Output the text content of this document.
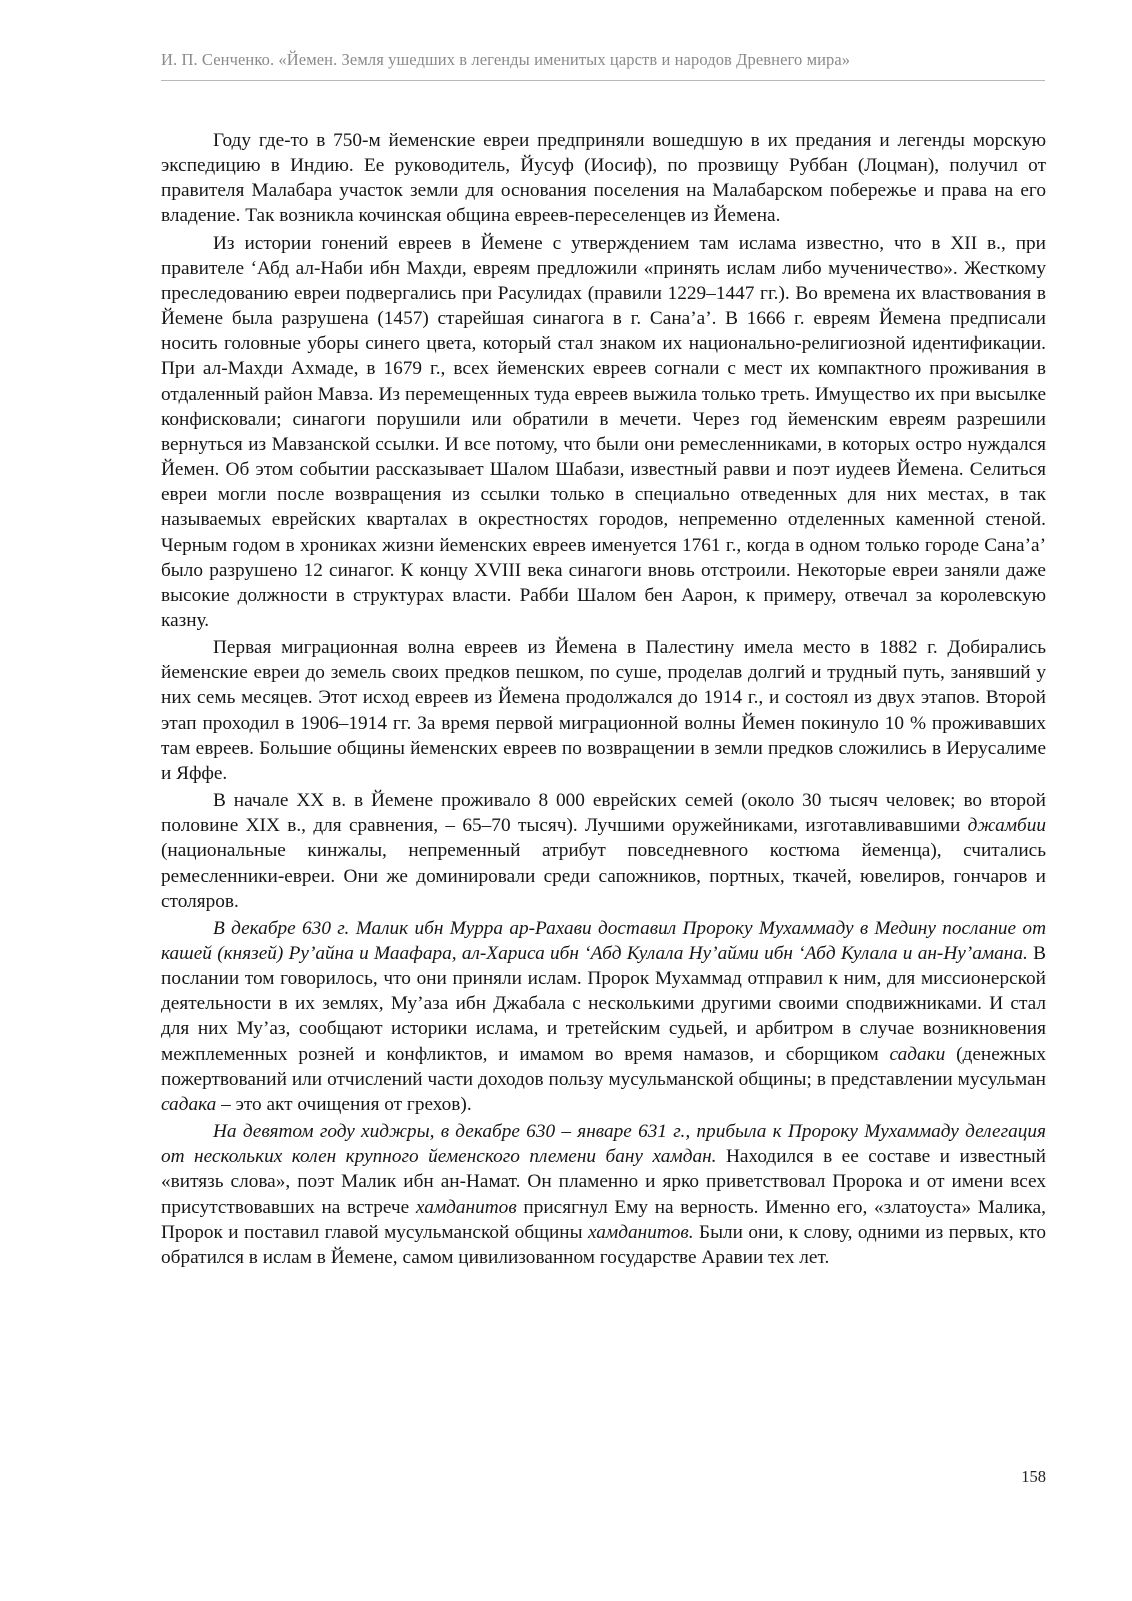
И. П. Сенченко. «Йемен. Земля ушедших в легенды именитых царств и народов Древнего мира»

Году где-то в 750-м йеменские евреи предприняли вошедшую в их предания и легенды морскую экспедицию в Индию. Ее руководитель, Йусуф (Иосиф), по прозвищу Руббан (Лоцман), получил от правителя Малабара участок земли для основания поселения на Малабарском побережье и права на его владение. Так возникла кочинская община евреев-переселенцев из Йемена.

Из истории гонений евреев в Йемене с утверждением там ислама известно, что в XII в., при правителе ‘Абд ал-Наби ибн Махди, евреям предложили «принять ислам либо мученичество». Жесткому преследованию евреи подвергались при Расулидах (правили 1229–1447 гг.). Во времена их властвования в Йемене была разрушена (1457) старейшая синагога в г. Сана’а’. В 1666 г. евреям Йемена предписали носить головные уборы синего цвета, который стал знаком их национально-религиозной идентификации. При ал-Махди Ахмаде, в 1679 г., всех йеменских евреев согнали с мест их компактного проживания в отдаленный район Мавза. Из перемещенных туда евреев выжила только треть. Имущество их при высылке конфисковали; синагоги порушили или обратили в мечети. Через год йеменским евреям разрешили вернуться из Мавзанской ссылки. И все потому, что были они ремесленниками, в которых остро нуждался Йемен. Об этом событии рассказывает Шалом Шабази, известный равви и поэт иудеев Йемена. Селиться евреи могли после возвращения из ссылки только в специально отведенных для них местах, в так называемых еврейских кварталах в окрестностях городов, непременно отделенных каменной стеной. Черным годом в хрониках жизни йеменских евреев именуется 1761 г., когда в одном только городе Сана’а’ было разрушено 12 синагог. К концу XVIII века синагоги вновь отстроили. Некоторые евреи заняли даже высокие должности в структурах власти. Рабби Шалом бен Аарон, к примеру, отвечал за королевскую казну.

Первая миграционная волна евреев из Йемена в Палестину имела место в 1882 г. Добирались йеменские евреи до земель своих предков пешком, по суше, проделав долгий и трудный путь, занявший у них семь месяцев. Этот исход евреев из Йемена продолжался до 1914 г., и состоял из двух этапов. Второй этап проходил в 1906–1914 гг. За время первой миграционной волны Йемен покинуло 10 % проживавших там евреев. Большие общины йеменских евреев по возвращении в земли предков сложились в Иерусалиме и Яффе.

В начале XX в. в Йемене проживало 8 000 еврейских семей (около 30 тысяч человек; во второй половине XIX в., для сравнения, – 65–70 тысяч). Лучшими оружейниками, изготавливавшими джамбии (национальные кинжалы, непременный атрибут повседневного костюма йеменца), считались ремесленники-евреи. Они же доминировали среди сапожников, портных, ткачей, ювелиров, гончаров и столяров.

В декабре 630 г. Малик ибн Мурра ар-Рахави доставил Пророку Мухаммаду в Медину послание от кашей (князей) Ру’айна и Маафара, ал-Хариса ибн ‘Абд Кулала Ну’айми ибн ‘Абд Кулала и ан-Ну’амана. В послании том говорилось, что они приняли ислам. Пророк Мухаммад отправил к ним, для миссионерской деятельности в их землях, Му’аза ибн Джабала с несколькими другими своими сподвижниками. И стал для них Му’аз, сообщают историки ислама, и третейским судьей, и арбитром в случае возникновения межплеменных розней и конфликтов, и имамом во время намазов, и сборщиком садаки (денежных пожертвований или отчислений части доходов пользу мусульманской общины; в представлении мусульман садака – это акт очищения от грехов).

На девятом году хиджры, в декабре 630 – январе 631 г., прибыла к Пророку Мухаммаду делегация от нескольких колен крупного йеменского племени бану хамдан. Находился в ее составе и известный «витязь слова», поэт Малик ибн ан-Намат. Он пламенно и ярко приветствовал Пророка и от имени всех присутствовавших на встрече хамданитов присягнул Ему на верность. Именно его, «златоуста» Малика, Пророк и поставил главой мусульманской общины хамданитов. Были они, к слову, одними из первых, кто обратился в ислам в Йемене, самом цивилизованном государстве Аравии тех лет.

158
